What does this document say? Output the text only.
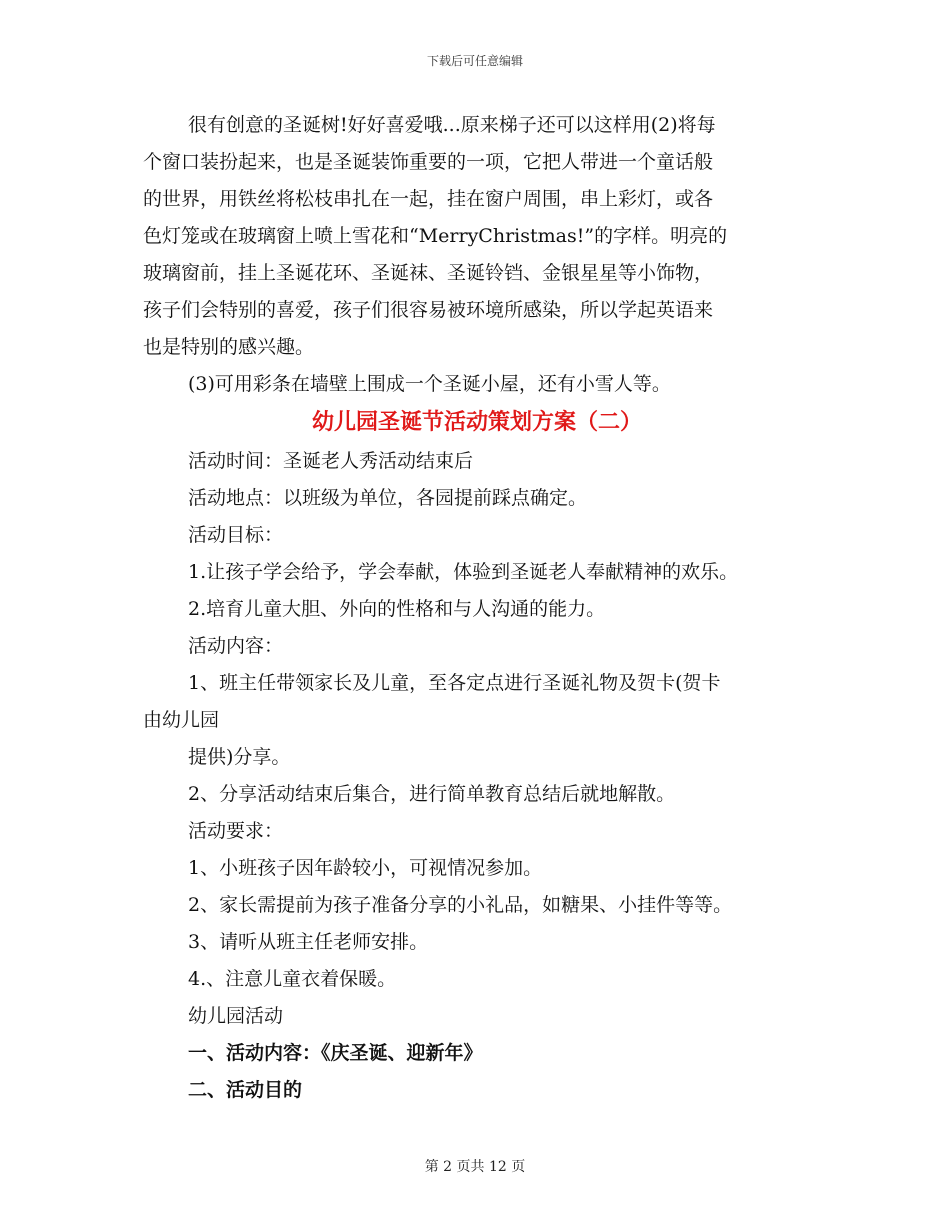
下载后可任意编辑
很有创意的圣诞树!好好喜爱哦...原来梯子还可以这样用(2)将每
个窗口装扮起来，也是圣诞装饰重要的一项，它把人带进一个童话般
的世界，用铁丝将松枝串扎在一起，挂在窗户周围，串上彩灯，或各
色灯笼或在玻璃窗上喷上雪花和“MerryChristmas!”的字样。明亮的
玻璃窗前，挂上圣诞花环、圣诞袜、圣诞铃铛、金银星星等小饰物，
孩子们会特别的喜爱，孩子们很容易被环境所感染，所以学起英语来
也是特别的感兴趣。
(3)可用彩条在墙壁上围成一个圣诞小屋，还有小雪人等。
幼儿园圣诞节活动策划方案（二）
活动时间：圣诞老人秀活动结束后
活动地点：以班级为单位，各园提前踩点确定。
活动目标：
1.让孩子学会给予，学会奉献，体验到圣诞老人奉献精神的欢乐。
2.培育儿童大胆、外向的性格和与人沟通的能力。
活动内容：
1、班主任带领家长及儿童，至各定点进行圣诞礼物及贺卡(贺卡
由幼儿园
提供)分享。
2、分享活动结束后集合，进行简单教育总结后就地解散。
活动要求：
1、小班孩子因年龄较小，可视情况参加。
2、家长需提前为孩子准备分享的小礼品，如糖果、小挂件等等。
3、请听从班主任老师安排。
4.、注意儿童衣着保暖。
幼儿园活动
一、活动内容：《庆圣诞、迎新年》
二、活动目的
第 2 页共 12 页
